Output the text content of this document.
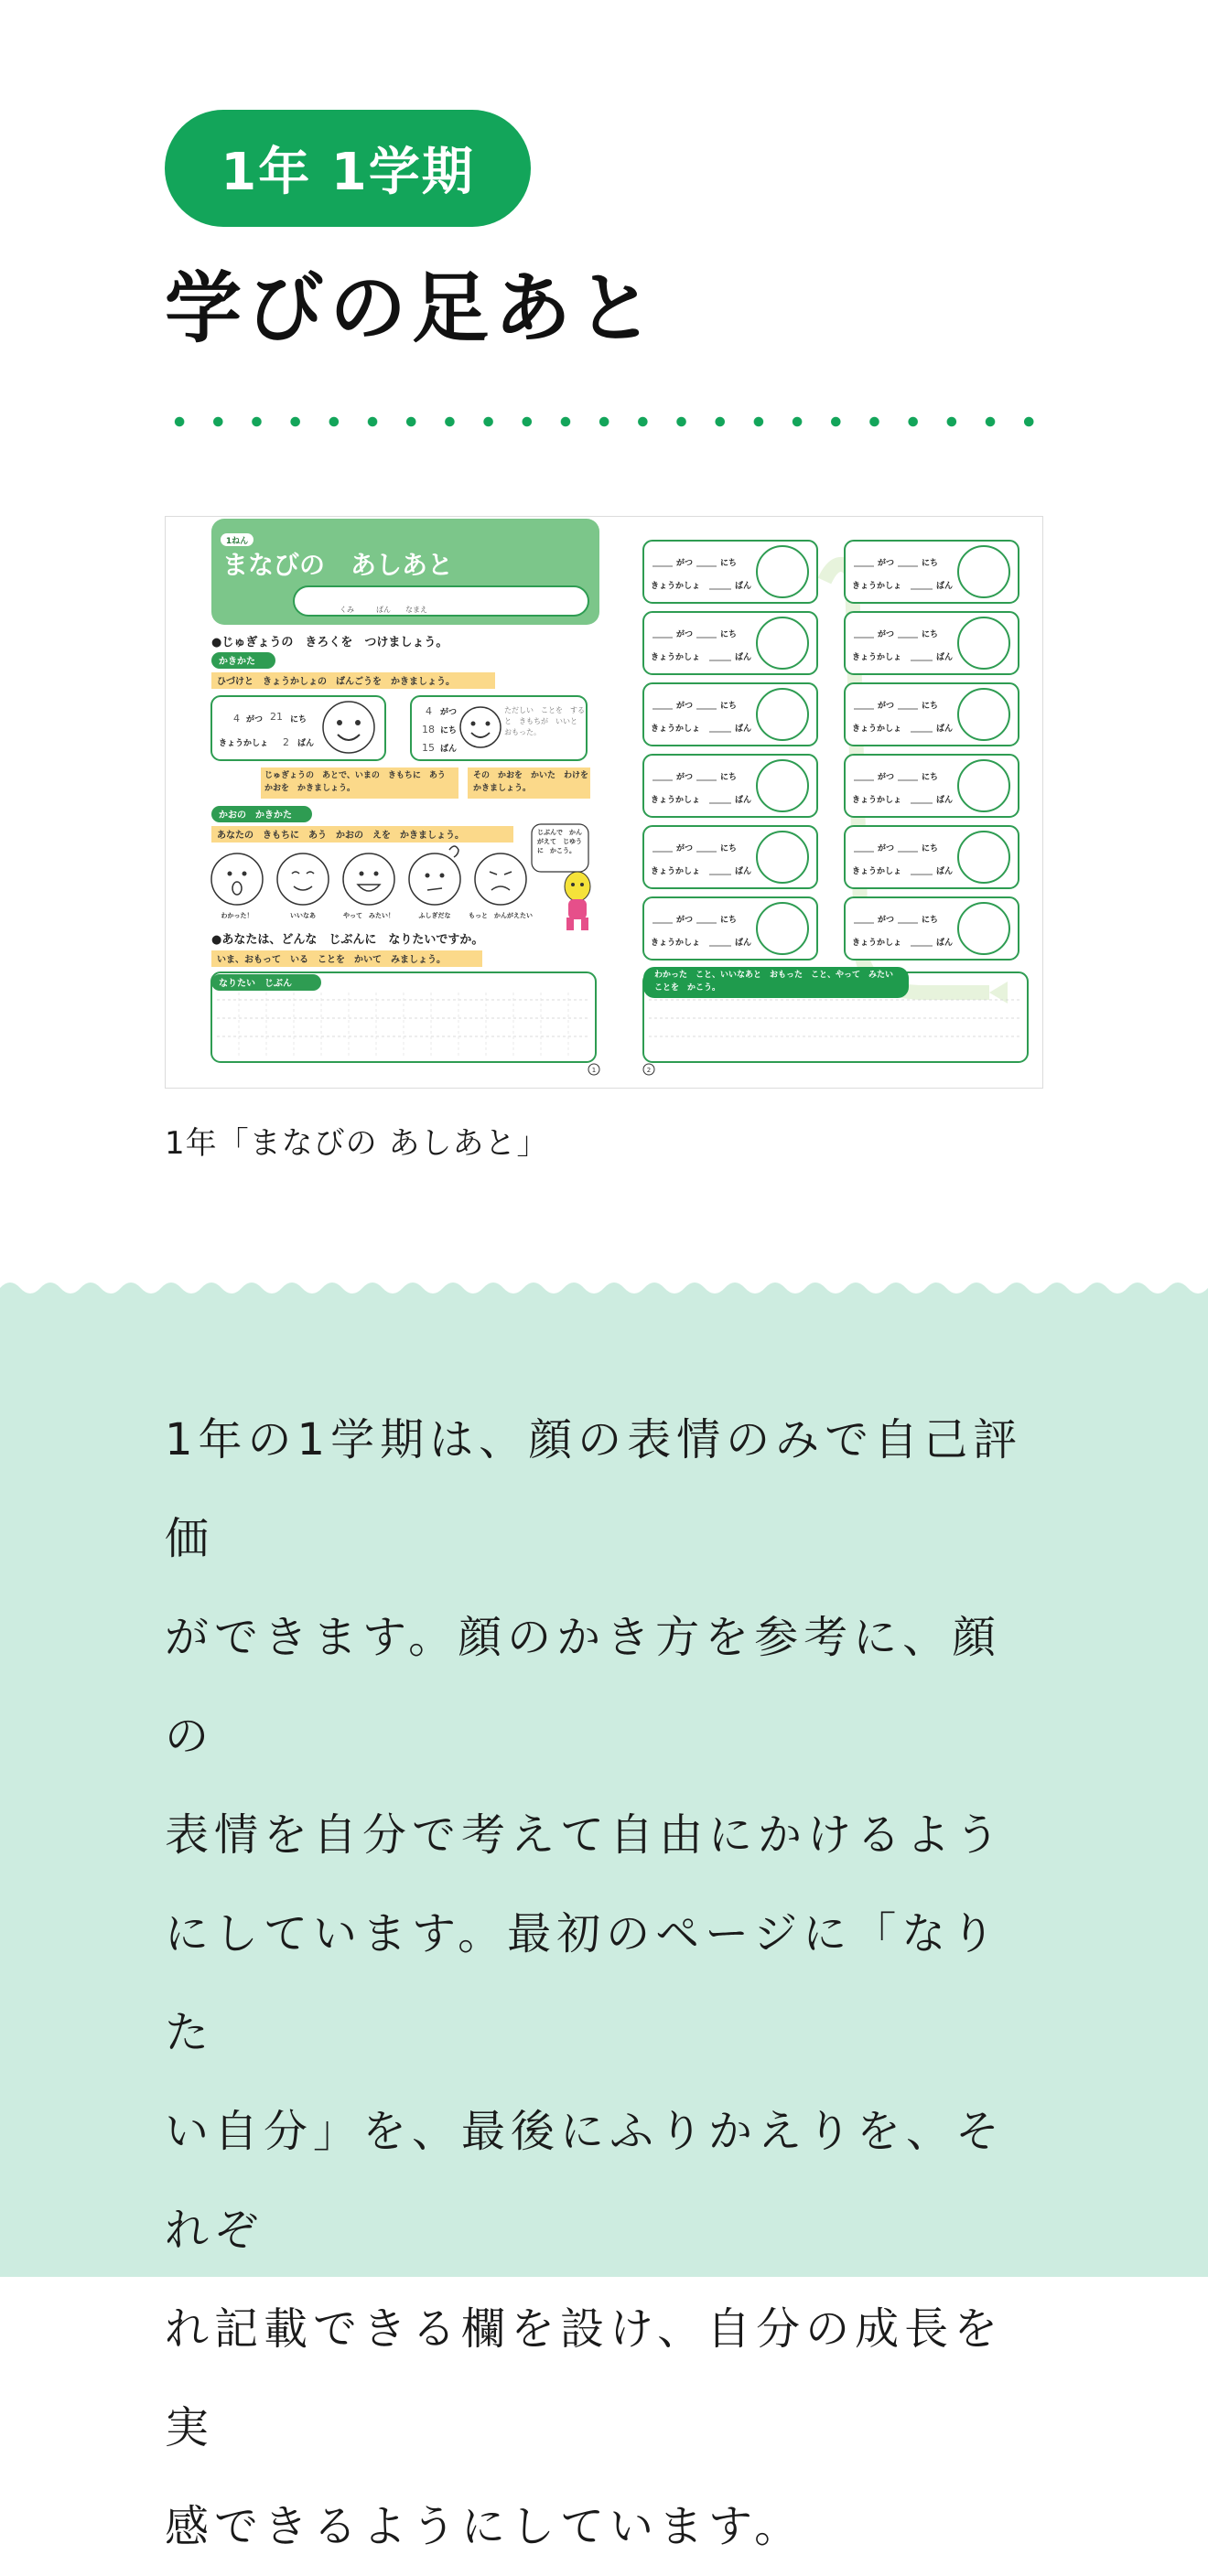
1年 1学期
学びの足あと
1ねん
まなびの　あしあと
くみ	ばん なまえ
●じゅぎょうの　きろくを　つけましょう。
かきかた
ひづけと　きょうかしょの　ばんごうを　かきましょう。
4 がつ 21 にち
きょうかしょ 2 ばん
4 がつ
18 にち
15 ばん
ただしい　ことを　すると　きもちが　いいと　おもった。
じゅぎょうの　あとで、いまの　きもちに　あう　かおを　かきましょう。
その　かおを　かいた　わけを　かきましょう。
かおの　かきかた
あなたの　きもちに　あう　かおの　えを　かきましょう。
わかった！	いいなあ	やって　みたい！	ふしぎだな	もっと　かんがえたい
じぶんで　かんがえて　じゆうに　かこう。
●あなたは、どんな　じぶんに　なりたいですか。
いま、おもって　いる　ことを　かいて　みましょう。
なりたい　じぶん
1
がつ	にち
きょうかしょ	ばん
がつ	にち
きょうかしょ	ばん
がつ	にち
きょうかしょ	ばん
がつ	にち
きょうかしょ	ばん
がつ	にち
きょうかしょ	ばん
がつ	にち
きょうかしょ	ばん
がつ	にち
きょうかしょ	ばん
がつ	にち
きょうかしょ	ばん
がつ	にち
きょうかしょ	ばん
がつ	にち
きょうかしょ	ばん
がつ	にち
きょうかしょ	ばん
がつ	にち
きょうかしょ	ばん
わかった　こと、いいなあと　おもった　こと、やって　みたい　ことを　かこう。
2

1年「まなびの あしあと」

1年の1学期は、顔の表情のみで自己評価
ができます。顔のかき方を参考に、顔の
表情を自分で考えて自由にかけるよう
にしています。最初のページに「なりた
い自分」を、最後にふりかえりを、それぞ
れ記載できる欄を設け、自分の成長を実
感できるようにしています。
